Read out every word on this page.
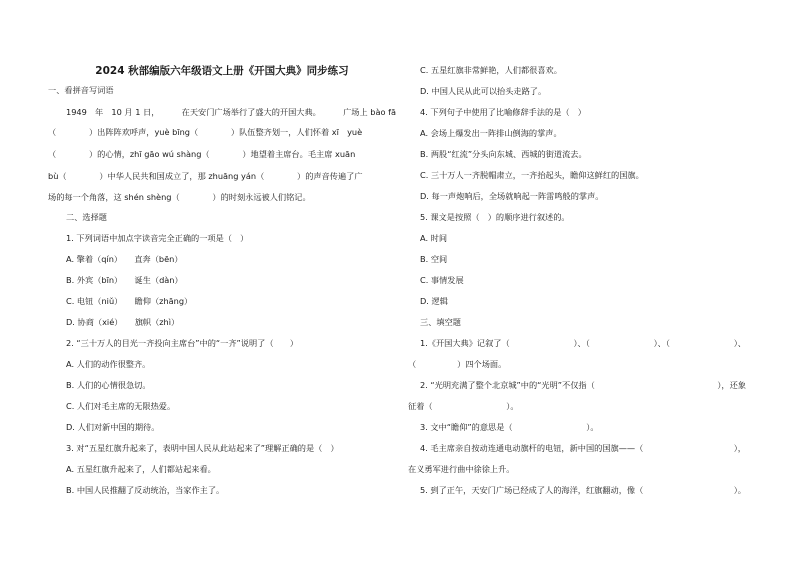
2024 秋部编版六年级语文上册《开国大典》同步练习
一、看拼音写词语
1949　年　10 月 1 日，	在天安门广场举行了盛大的开国大典。	广场上 bào fā
（　　　　）出阵阵欢呼声，yuè bīng（　　　　）队伍整齐划一，人们怀着 xī　yuè
（　　　　）的心情，zhī gāo wú shàng（　　　　）地望着主席台。毛主席 xuān
bù（　　　　）中华人民共和国成立了，那 zhuāng yán（　　　　）的声音传遍了广
场的每一个角落，这 shén shèng（　　　　）的时刻永远被人们铭记。
二、选择题
1. 下列词语中加点字读音完全正确的一项是（　）
A. 擎着（qín）　　直奔（bēn）
B. 外宾（bīn）　　诞生（dàn）
C. 电钮（niǔ）　　瞻仰（zhāng）
D. 协商（xié）　　旗帜（zhì）
2. “三十万人的目光一齐投向主席台”中的“一齐”说明了（　　）
A. 人们的动作很整齐。
B. 人们的心情很急切。
C. 人们对毛主席的无限热爱。
D. 人们对新中国的期待。
3. 对“五星红旗升起来了，表明中国人民从此站起来了”理解正确的是（　）
A. 五星红旗升起来了，人们都站起来看。
B. 中国人民推翻了反动统治，当家作主了。
C. 五星红旗非常鲜艳，人们都很喜欢。
D. 中国人民从此可以抬头走路了。
4. 下列句子中使用了比喻修辞手法的是（　）
A. 会场上爆发出一阵排山倒海的掌声。
B. 两股“红流”分头向东城、西城的街道流去。
C. 三十万人一齐脱帽肃立，一齐抬起头，瞻仰这鲜红的国旗。
D. 每一声炮响后，全场就响起一阵雷鸣般的掌声。
5. 课文是按照（　）的顺序进行叙述的。
A. 时间
B. 空间
C. 事情发展
D. 逻辑
三、填空题
1.《开国大典》记叙了（	）、（	）、（	）、
（　　　　　）四个场面。
2. “光明充满了整个北京城”中的“光明”不仅指（	），还象
征着（　　　　　　　　　）。
3. 文中“瞻仰”的意思是（　　　　　　　　　）。
4. 毛主席亲自按动连通电动旗杆的电钮，新中国的国旗——（	），
在义勇军进行曲中徐徐上升。
5. 到了正午，天安门广场已经成了人的海洋，红旗翻动，像（	）。
